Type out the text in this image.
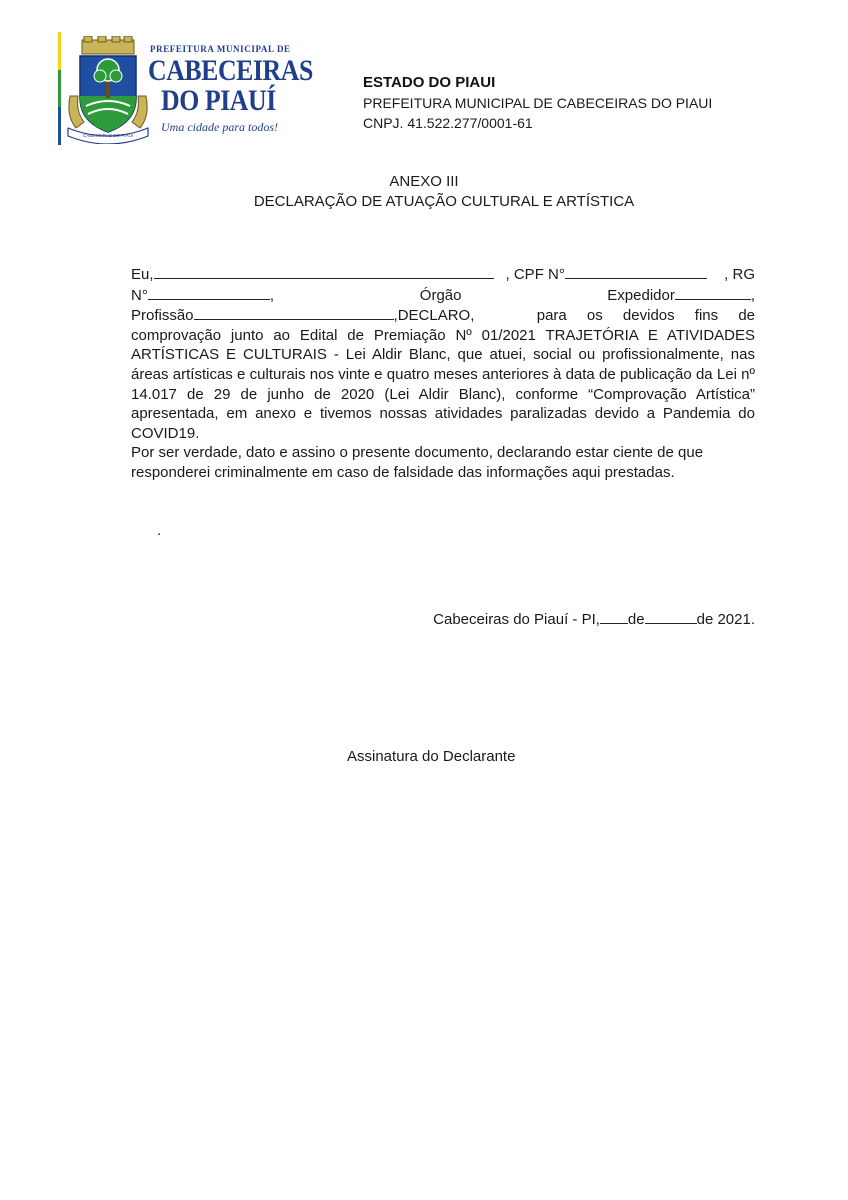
CABECEIRAS DO PIAUÍ
PREFEITURA MUNICIPAL DE
CABECEIRAS
DO PIAUÍ
Uma cidade para todos!
ESTADO DO PIAUI
PREFEITURA MUNICIPAL DE CABECEIRAS DO PIAUI
CNPJ. 41.522.277/0001-61
ANEXO III
DECLARAÇÃO DE ATUAÇÃO CULTURAL E ARTÍSTICA
Eu,	, CPF N°	, RG
N°	,	Órgão	Expedidor	,
Profissão	,DECLARO,	para os devidos fins de
comprovação junto ao Edital de Premiação Nº 01/2021 TRAJETÓRIA E ATIVIDADES ARTÍSTICAS E CULTURAIS - Lei Aldir Blanc, que atuei, social ou profissionalmente, nas áreas artísticas e culturais nos vinte e quatro meses anteriores à data de publicação da Lei nº 14.017 de 29 de junho de 2020 (Lei Aldir Blanc), conforme “Comprovação Artística” apresentada, em anexo e tivemos nossas atividades paralizadas devido a Pandemia do COVID19.
Por ser verdade, dato e assino o presente documento, declarando estar ciente de que responderei criminalmente em caso de falsidade das informações aqui prestadas.
.
Cabeceiras do Piauí - PI, de	de 2021.
Assinatura do Declarante
